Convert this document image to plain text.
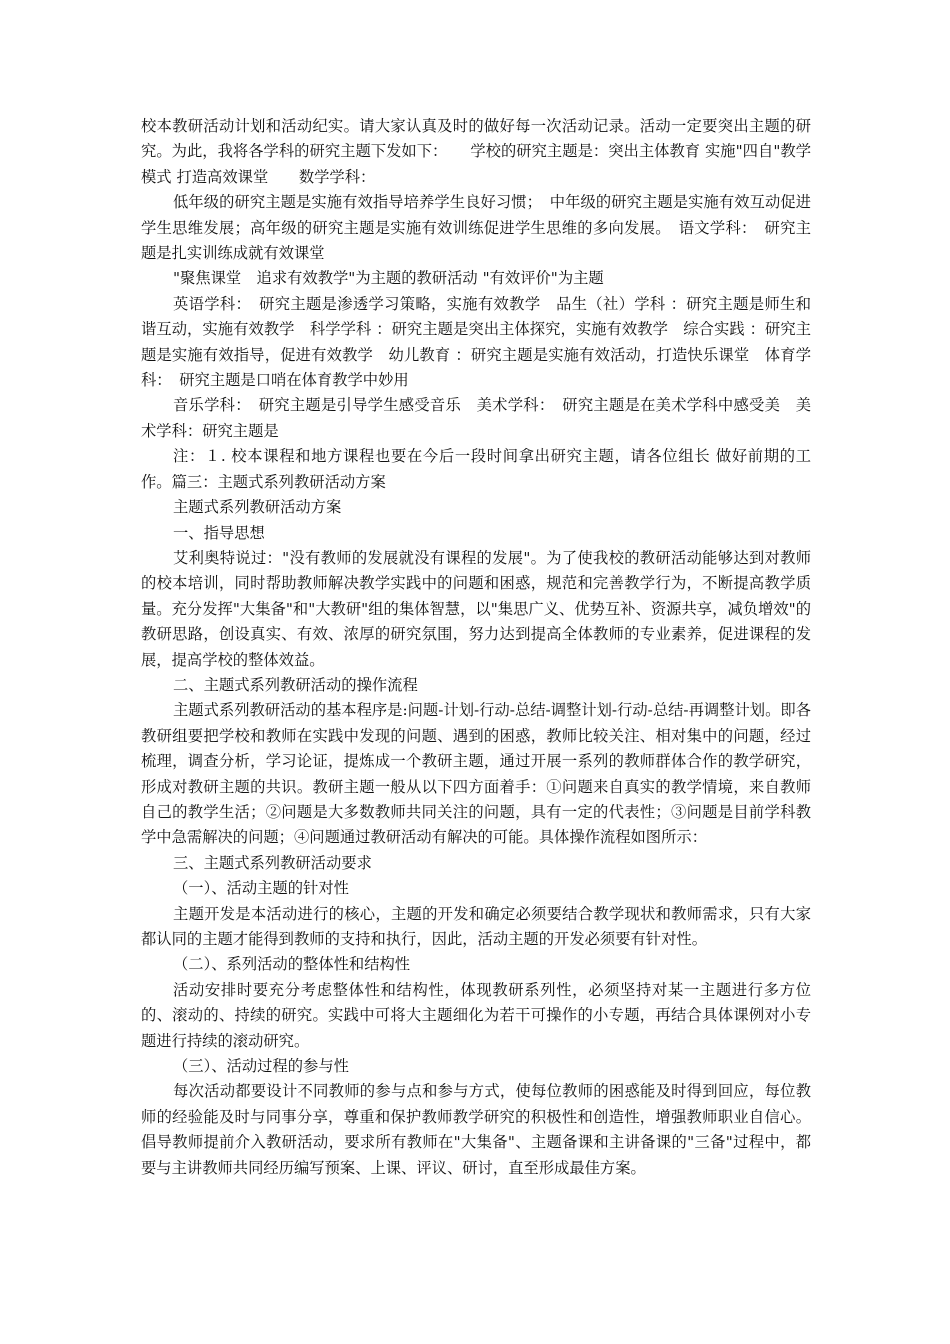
校本教研活动计划和活动纪实。请大家认真及时的做好每一次活动记录。活动一定要突出主题的研究。为此，我将各学科的研究主题下发如下：　　学校的研究主题是：突出主体教育 实施"四自"教学模式 打造高效课堂　　数学学科：

低年级的研究主题是实施有效指导培养学生良好习惯；　中年级的研究主题是实施有效互动促进学生思维发展；高年级的研究主题是实施有效训练促进学生思维的多向发展。　语文学科：　研究主题是扎实训练成就有效课堂

"聚焦课堂　追求有效教学"为主题的教研活动 "有效评价"为主题

英语学科：　研究主题是渗透学习策略，实施有效教学　品生（社）学科 ：研究主题是师生和谐互动，实施有效教学　科学学科 ：研究主题是突出主体探究，实施有效教学　综合实践 ：研究主题是实施有效指导，促进有效教学　幼儿教育 ：研究主题是实施有效活动，打造快乐课堂　体育学科：　研究主题是口哨在体育教学中妙用

音乐学科：　研究主题是引导学生感受音乐　美术学科：　研究主题是在美术学科中感受美　美术学科：研究主题是

注：１. 校本课程和地方课程也要在今后一段时间拿出研究主题，请各位组长 做好前期的工作。篇三：主题式系列教研活动方案

主题式系列教研活动方案

一、指导思想

艾利奥特说过："没有教师的发展就没有课程的发展"。为了使我校的教研活动能够达到对教师的校本培训，同时帮助教师解决教学实践中的问题和困惑，规范和完善教学行为，不断提高教学质量。充分发挥"大集备"和"大教研"组的集体智慧，以"集思广义、优势互补、资源共享，减负增效"的教研思路，创设真实、有效、浓厚的研究氛围，努力达到提高全体教师的专业素养，促进课程的发展，提高学校的整体效益。

二、主题式系列教研活动的操作流程

主题式系列教研活动的基本程序是:问题-计划-行动-总结-调整计划-行动-总结-再调整计划。即各教研组要把学校和教师在实践中发现的问题、遇到的困惑，教师比较关注、相对集中的问题，经过梳理，调查分析，学习论证，提炼成一个教研主题，通过开展一系列的教师群体合作的教学研究，形成对教研主题的共识。教研主题一般从以下四方面着手：①问题来自真实的教学情境，来自教师自己的教学生活；②问题是大多数教师共同关注的问题，具有一定的代表性；③问题是目前学科教学中急需解决的问题；④问题通过教研活动有解决的可能。具体操作流程如图所示：

三、主题式系列教研活动要求

（一）、活动主题的针对性

主题开发是本活动进行的核心，主题的开发和确定必须要结合教学现状和教师需求，只有大家都认同的主题才能得到教师的支持和执行，因此，活动主题的开发必须要有针对性。

（二）、系列活动的整体性和结构性

活动安排时要充分考虑整体性和结构性，体现教研系列性，必须坚持对某一主题进行多方位的、滚动的、持续的研究。实践中可将大主题细化为若干可操作的小专题，再结合具体课例对小专题进行持续的滚动研究。

（三）、活动过程的参与性

每次活动都要设计不同教师的参与点和参与方式，使每位教师的困惑能及时得到回应，每位教师的经验能及时与同事分享，尊重和保护教师教学研究的积极性和创造性，增强教师职业自信心。倡导教师提前介入教研活动，要求所有教师在"大集备"、主题备课和主讲备课的"三备"过程中，都要与主讲教师共同经历编写预案、上课、评议、研讨，直至形成最佳方案。
